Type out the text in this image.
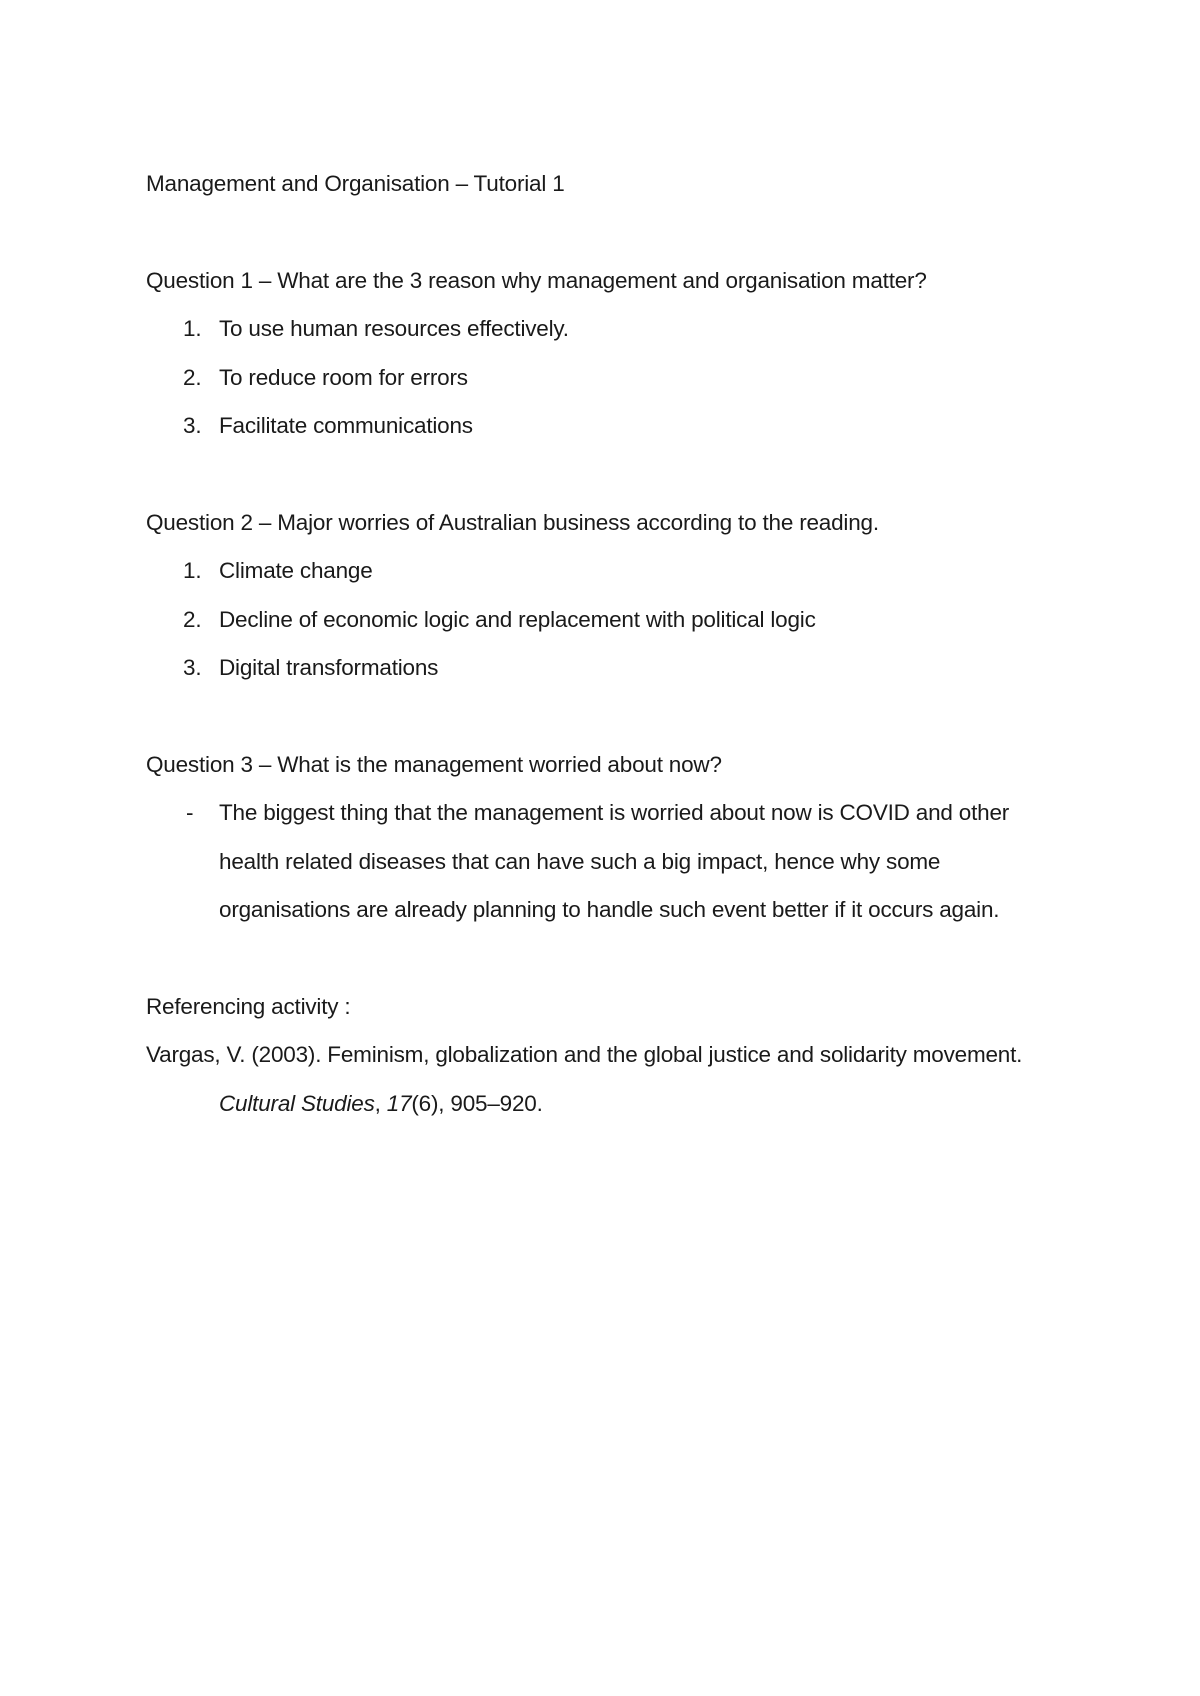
Management and Organisation – Tutorial 1

Question 1 – What are the 3 reason why management and organisation matter?

1. To use human resources effectively.
2. To reduce room for errors
3. Facilitate communications

Question 2 – Major worries of Australian business according to the reading.

1. Climate change
2. Decline of economic logic and replacement with political logic
3. Digital transformations

Question 3 – What is the management worried about now?

- The biggest thing that the management is worried about now is COVID and other health related diseases that can have such a big impact, hence why some organisations are already planning to handle such event better if it occurs again.

Referencing activity :

Vargas, V. (2003). Feminism, globalization and the global justice and solidarity movement. Cultural Studies, 17(6), 905–920.
